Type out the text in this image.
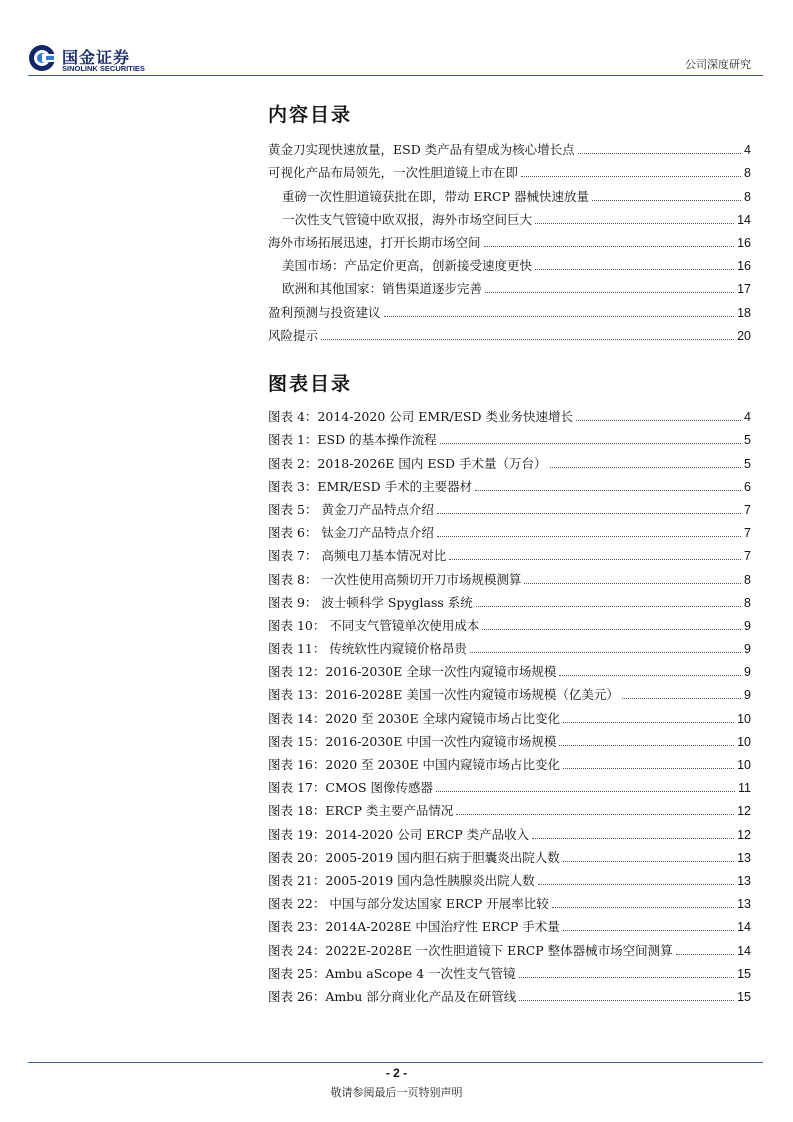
国金证券
SINOLINK SECURITIES	公司深度研究
内容目录
黄金刀实现快速放量，ESD 类产品有望成为核心增长点	4
可视化产品布局领先，一次性胆道镜上市在即	8
重磅一次性胆道镜获批在即，带动 ERCP 器械快速放量	8
一次性支气管镜中欧双报，海外市场空间巨大	14
海外市场拓展迅速，打开长期市场空间	16
美国市场：产品定价更高，创新接受速度更快	16
欧洲和其他国家：销售渠道逐步完善	17
盈利预测与投资建议	18
风险提示	20
图表目录
图表 4：2014-2020 公司 EMR/ESD 类业务快速增长	4
图表 1：ESD 的基本操作流程	5
图表 2：2018-2026E 国内 ESD 手术量（万台）	5
图表 3：EMR/ESD 手术的主要器材	6
图表 5： 黄金刀产品特点介绍	7
图表 6： 钛金刀产品特点介绍	7
图表 7： 高频电刀基本情况对比	7
图表 8： 一次性使用高频切开刀市场规模测算	8
图表 9： 波士顿科学 Spyglass 系统	8
图表 10： 不同支气管镜单次使用成本	9
图表 11： 传统软性内窥镜价格昂贵	9
图表 12：2016-2030E 全球一次性内窥镜市场规模	9
图表 13：2016-2028E 美国一次性内窥镜市场规模（亿美元）	9
图表 14：2020 至 2030E 全球内窥镜市场占比变化	10
图表 15：2016-2030E 中国一次性内窥镜市场规模	10
图表 16：2020 至 2030E 中国内窥镜市场占比变化	10
图表 17：CMOS 图像传感器	11
图表 18：ERCP 类主要产品情况	12
图表 19：2014-2020 公司 ERCP 类产品收入	12
图表 20：2005-2019 国内胆石病于胆囊炎出院人数	13
图表 21：2005-2019 国内急性胰腺炎出院人数	13
图表 22： 中国与部分发达国家 ERCP 开展率比较	13
图表 23：2014A-2028E 中国治疗性 ERCP 手术量	14
图表 24：2022E-2028E 一次性胆道镜下 ERCP 整体器械市场空间测算	14
图表 25：Ambu aScope 4 一次性支气管镜	15
图表 26：Ambu 部分商业化产品及在研管线	15
- 2 -
敬请参阅最后一页特别声明
